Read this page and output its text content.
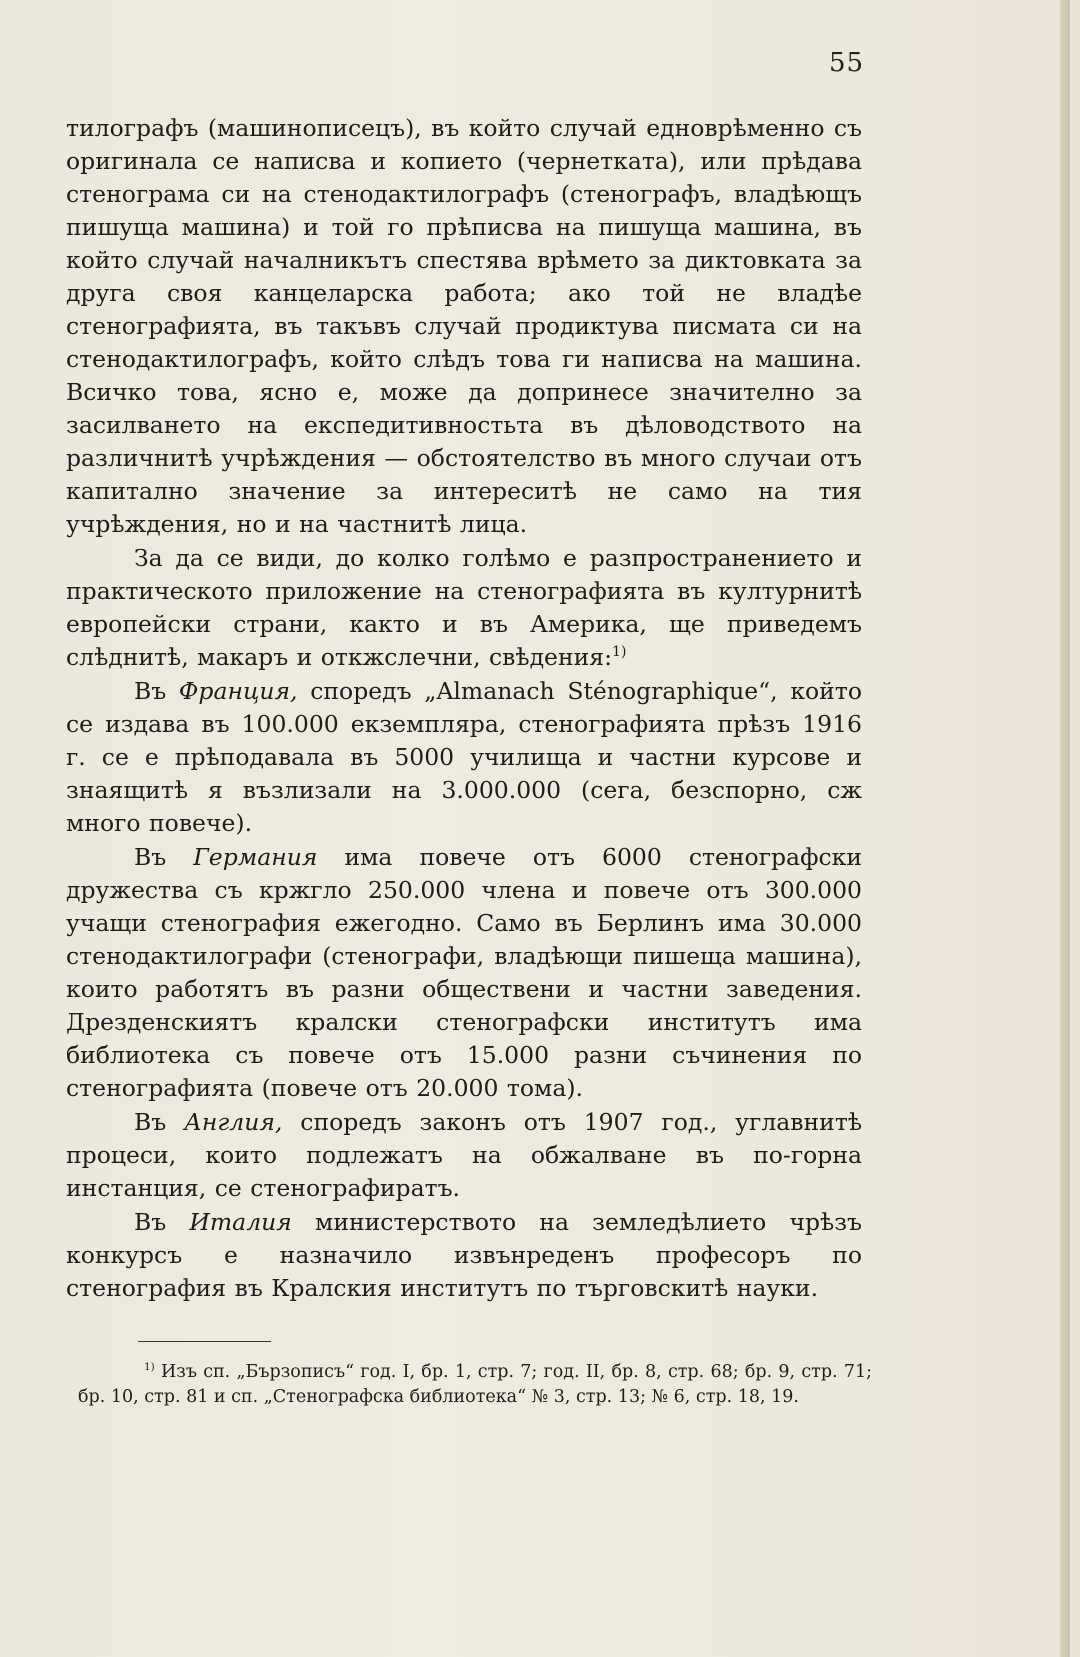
55

тилографъ (машинописецъ), въ който случай едноврѣменно съ оригинала се написва и копието (чернетката), или прѣдава стенограма си на стенодактилографъ (стенографъ, владѣющъ пишуща машина) и той го прѣписва на пишуща машина, въ който случай началникътъ спестява врѣмето за диктовката за друга своя канцеларска работа; ако той не владѣе стенографията, въ такъвъ случай продиктува писмата си на стенодактилографъ, който слѣдъ това ги написва на машина. Всичко това, ясно е, може да допринесе значително за засилването на експедитивностьта въ дѣловодството на различнитѣ учрѣждения — обстоятелство въ много случаи отъ капитално значение за интереситѣ не само на тия учрѣждения, но и на частнитѣ лица.

За да се види, до колко голѣмо е разпространението и практическото приложение на стенографията въ културнитѣ европейски страни, както и въ Америка, ще приведемъ слѣднитѣ, макаръ и откжслечни, свѣдения:$^{1)}$

Въ Франция, споредъ „Almanach Sténographique“, който се издава въ 100.000 екземпляра, стенографията прѣзъ 1916 г. се е прѣподавала въ 5000 училища и частни курсове и знаящитѣ я възлизали на 3.000.000 (сега, безспорно, сж много повече).

Въ Германия има повече отъ 6000 стенографски дружества съ кржгло 250.000 члена и повече отъ 300.000 учащи стенография ежегодно. Само въ Берлинъ има 30.000 стенодактилографи (стенографи, владѣющи пишеща машина), които работятъ въ разни обществени и частни заведения. Дрезденскиятъ кралски стенографски институтъ има библиотека съ повече отъ 15.000 разни съчинения по стенографията (повече отъ 20.000 тома).

Въ Англия, споредъ законъ отъ 1907 год., углавнитѣ процеси, които подлежатъ на обжалване въ по-горна инстанция, се стенографиратъ.

Въ Италия министерството на земледѣлието чрѣзъ конкурсъ е назначило извънреденъ професоръ по стенография въ Кралския институтъ по търговскитѣ науки.

$^{1)}$ Изъ сп. „Бързописъ“ год. I, бр. 1, стр. 7; год. II, бр. 8, стр. 68; бр. 9, стр. 71; бр. 10, стр. 81 и сп. „Стенографска библиотека“ № 3, стр. 13; № 6, стр. 18, 19.
